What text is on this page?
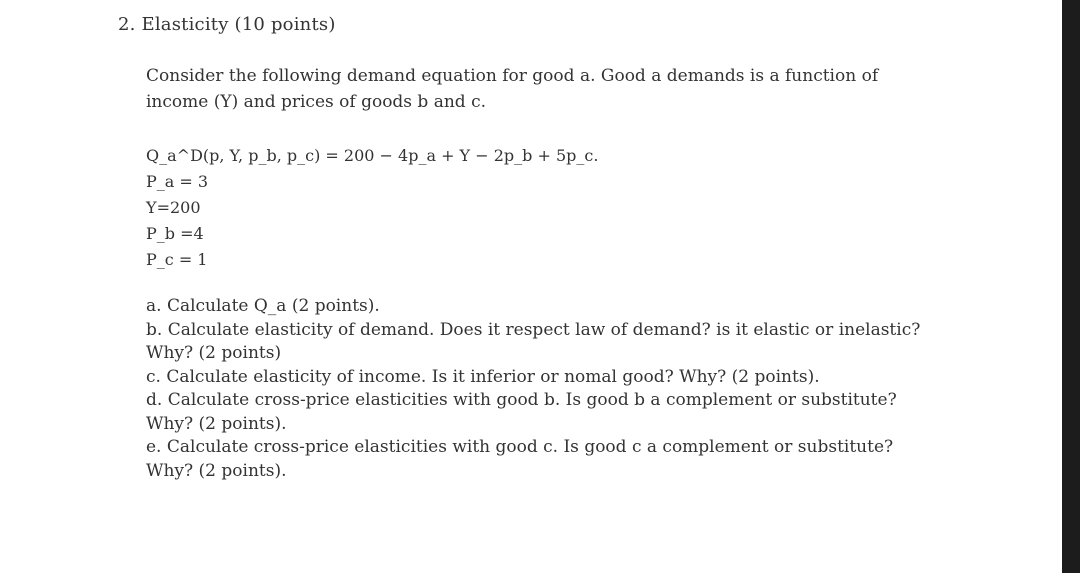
2. Elasticity (10 points)
Consider the following demand equation for good a. Good a demands is a function of
income (Y) and prices of goods b and c.
Q_a^D(p, Y, p_b, p_c) = 200 − 4p_a + Y − 2p_b + 5p_c.
P_a = 3
Y=200
P_b =4
P_c = 1
a. Calculate Q_a (2 points).
b. Calculate elasticity of demand. Does it respect law of demand? is it elastic or inelastic?
Why? (2 points)
c. Calculate elasticity of income. Is it inferior or nomal good? Why? (2 points).
d. Calculate cross-price elasticities with good b. Is good b a complement or substitute?
Why? (2 points).
e. Calculate cross-price elasticities with good c. Is good c a complement or substitute?
Why? (2 points).
